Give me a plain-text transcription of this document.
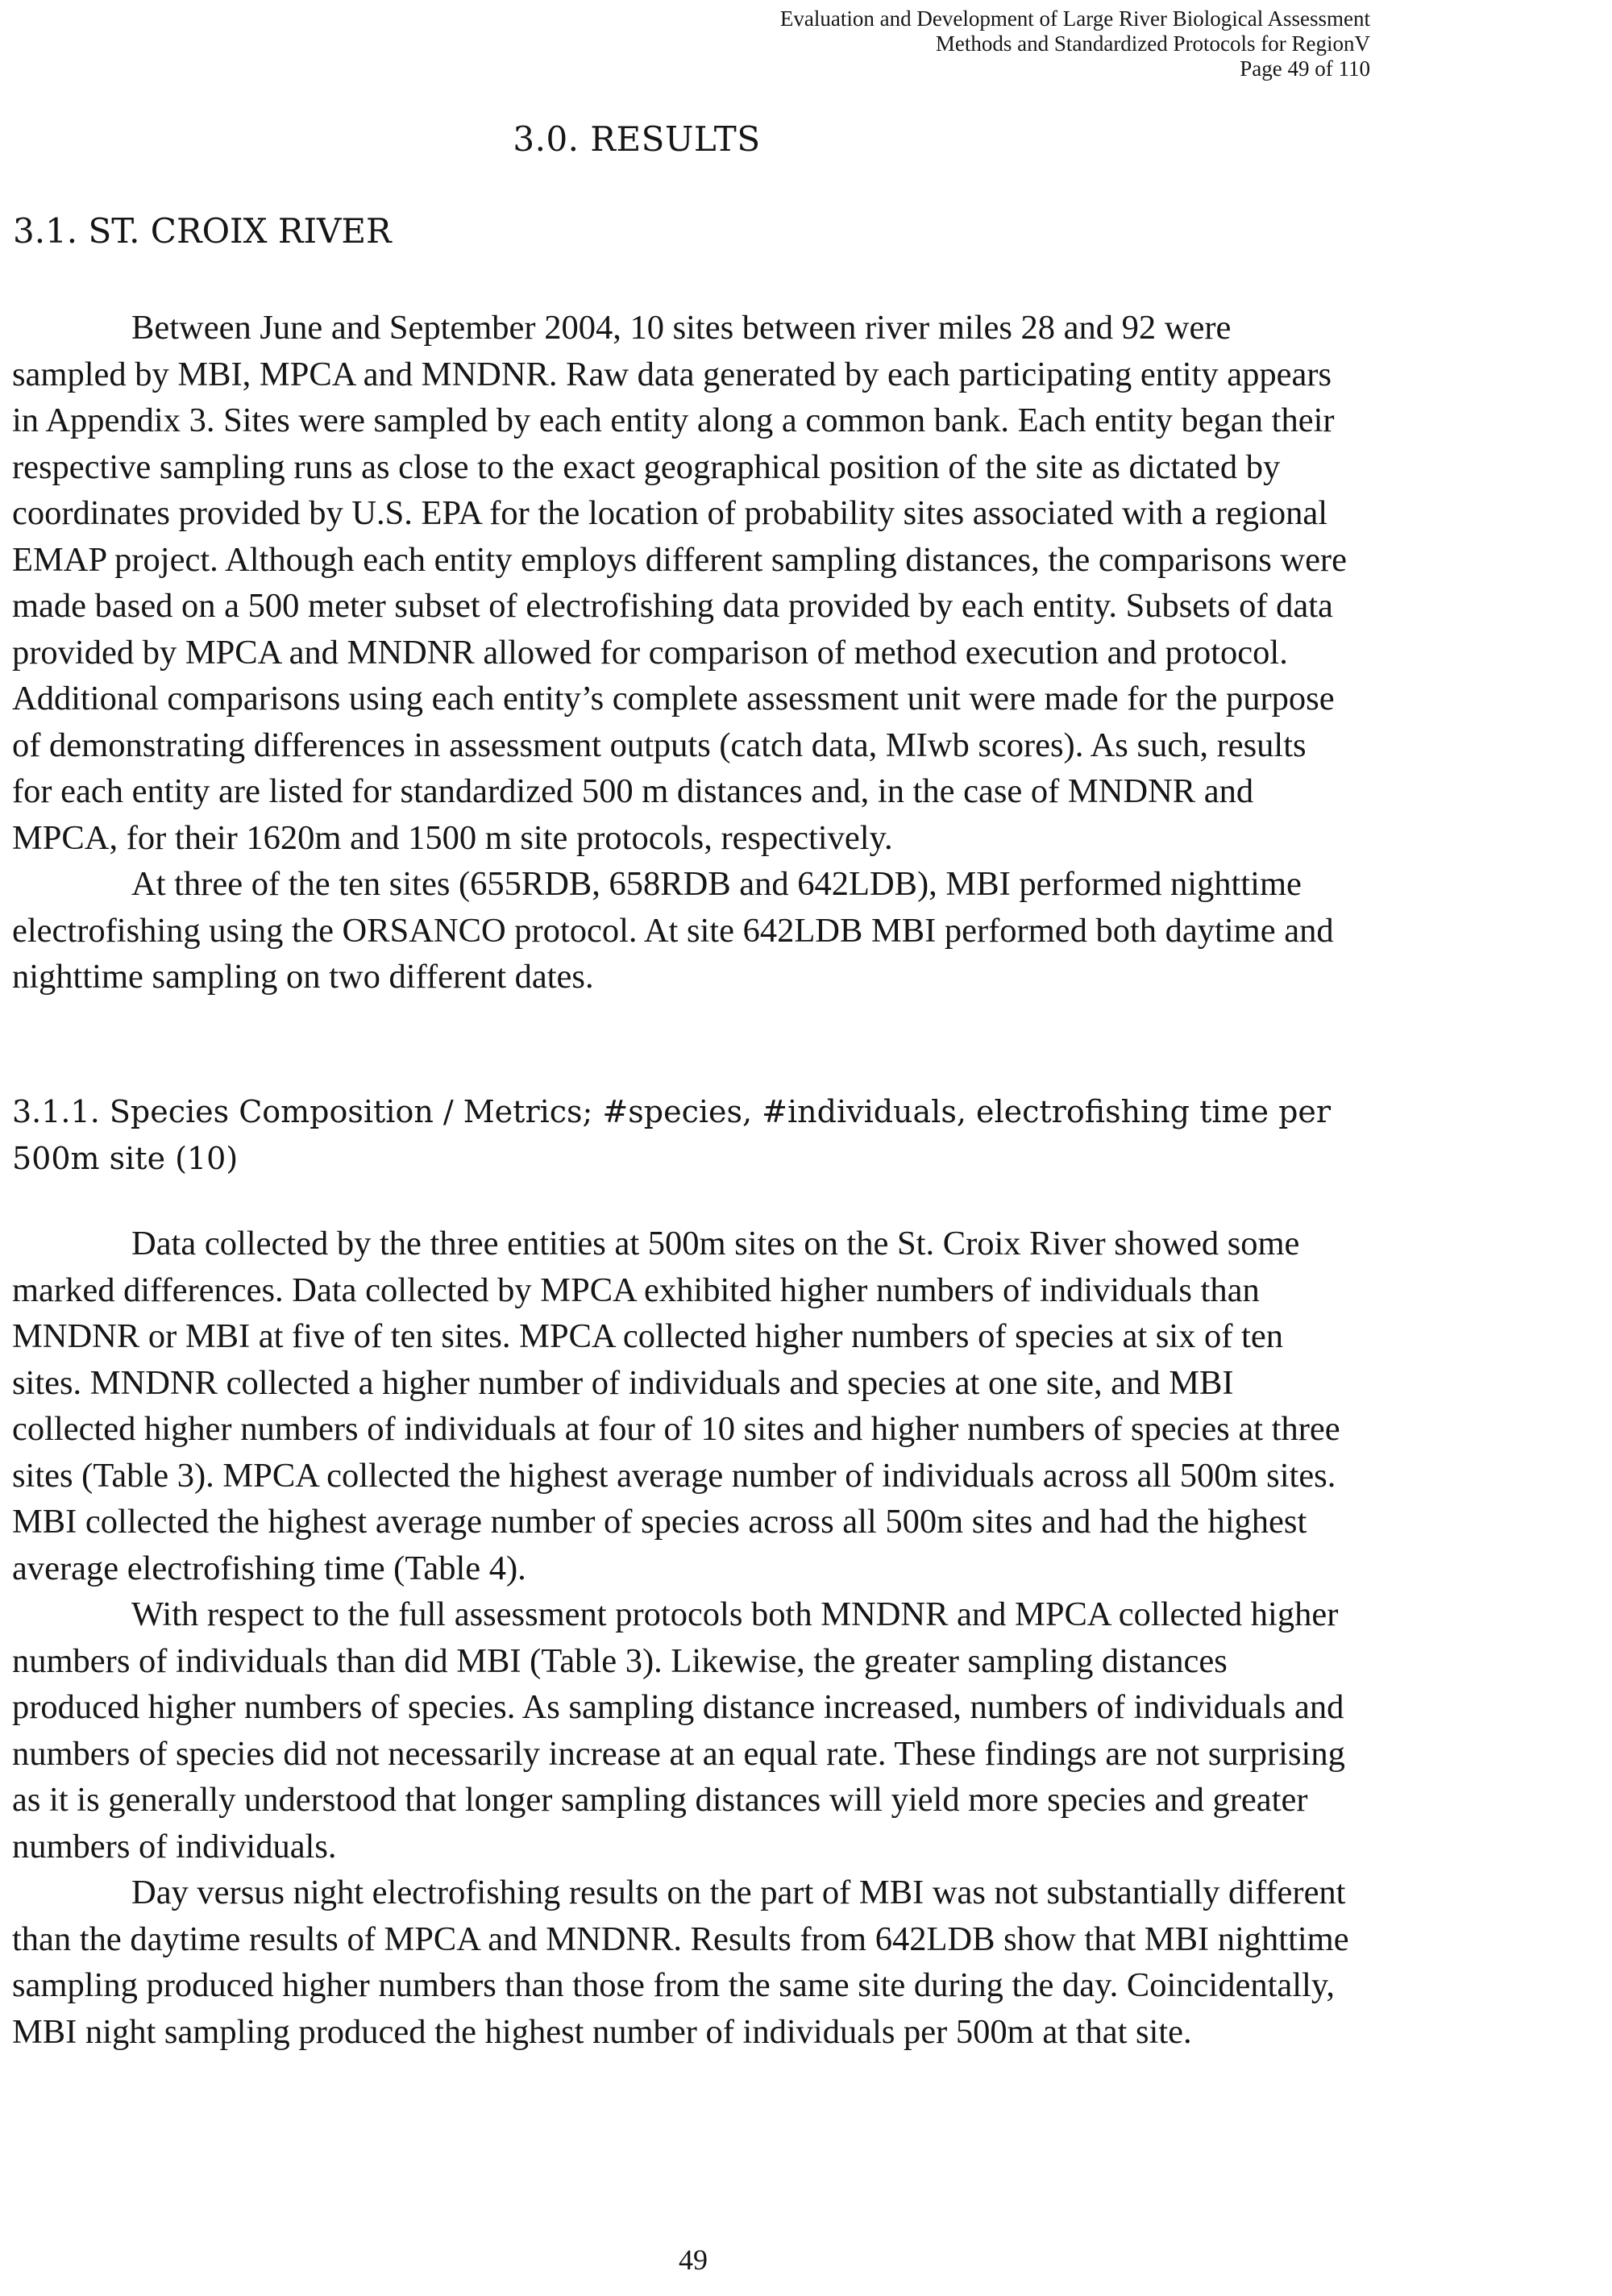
Evaluation and Development of Large River Biological Assessment
Methods and Standardized Protocols for RegionV
Page 49 of 110
3.0. RESULTS
3.1. ST. CROIX RIVER

Between June and September 2004, 10 sites between river miles 28 and 92 were sampled by MBI, MPCA and MNDNR. Raw data generated by each participating entity appears in Appendix 3. Sites were sampled by each entity along a common bank. Each entity began their respective sampling runs as close to the exact geographical position of the site as dictated by coordinates provided by U.S. EPA for the location of probability sites associated with a regional EMAP project. Although each entity employs different sampling distances, the comparisons were made based on a 500 meter subset of electrofishing data provided by each entity. Subsets of data provided by MPCA and MNDNR allowed for comparison of method execution and protocol. Additional comparisons using each entity’s complete assessment unit were made for the purpose of demonstrating differences in assessment outputs (catch data, MIwb scores). As such, results for each entity are listed for standardized 500 m distances and, in the case of MNDNR and MPCA, for their 1620m and 1500 m site protocols, respectively.

At three of the ten sites (655RDB, 658RDB and 642LDB), MBI performed nighttime electrofishing using the ORSANCO protocol. At site 642LDB MBI performed both daytime and nighttime sampling on two different dates.

3.1.1. Species Composition / Metrics; #species, #individuals, electrofishing time per 500m site (10)

Data collected by the three entities at 500m sites on the St. Croix River showed some marked differences. Data collected by MPCA exhibited higher numbers of individuals than MNDNR or MBI at five of ten sites. MPCA collected higher numbers of species at six of ten sites. MNDNR collected a higher number of individuals and species at one site, and MBI collected higher numbers of individuals at four of 10 sites and higher numbers of species at three sites (Table 3). MPCA collected the highest average number of individuals across all 500m sites. MBI collected the highest average number of species across all 500m sites and had the highest average electrofishing time (Table 4).

With respect to the full assessment protocols both MNDNR and MPCA collected higher numbers of individuals than did MBI (Table 3). Likewise, the greater sampling distances produced higher numbers of species. As sampling distance increased, numbers of individuals and numbers of species did not necessarily increase at an equal rate. These findings are not surprising as it is generally understood that longer sampling distances will yield more species and greater numbers of individuals.

Day versus night electrofishing results on the part of MBI was not substantially different than the daytime results of MPCA and MNDNR. Results from 642LDB show that MBI nighttime sampling produced higher numbers than those from the same site during the day. Coincidentally, MBI night sampling produced the highest number of individuals per 500m at that site.

49
